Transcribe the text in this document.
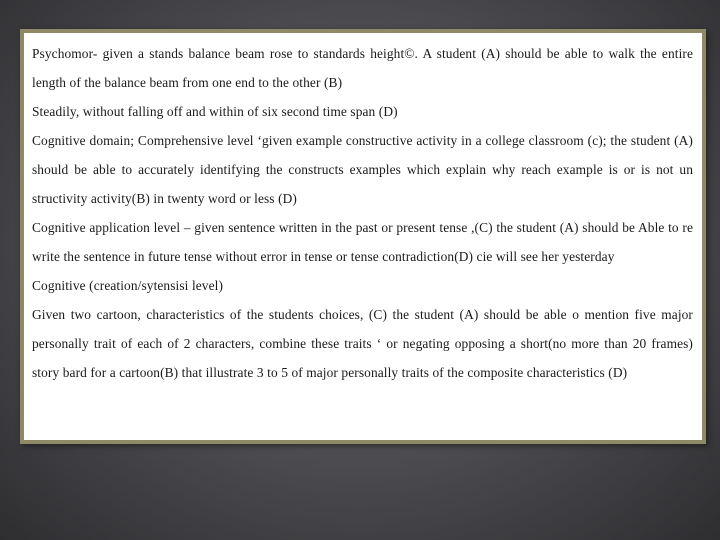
Psychomor- given a stands balance beam rose to standards height©. A student (A) should be able to walk the entire length of the balance beam from one end to the other (B)

Steadily, without falling off and within of six second time span (D)

Cognitive domain; Comprehensive level ‘given example constructive activity in a college classroom (c); the student (A) should be able to accurately identifying the constructs examples which explain why reach example is or is not un structivity activity(B) in twenty word or less (D)

Cognitive application level – given sentence written in the past or present tense ,(C) the student (A) should be Able to re write the sentence in future tense without error in tense or tense contradiction(D) cie will see her yesterday

Cognitive (creation/sytensisi level)

Given two cartoon, characteristics of the students choices, (C) the student (A) should be able o mention five major personally trait of each of 2 characters, combine these traits ‘ or negating opposing a short(no more than 20 frames) story bard for a cartoon(B) that illustrate 3 to 5 of major personally traits of the composite characteristics (D)
